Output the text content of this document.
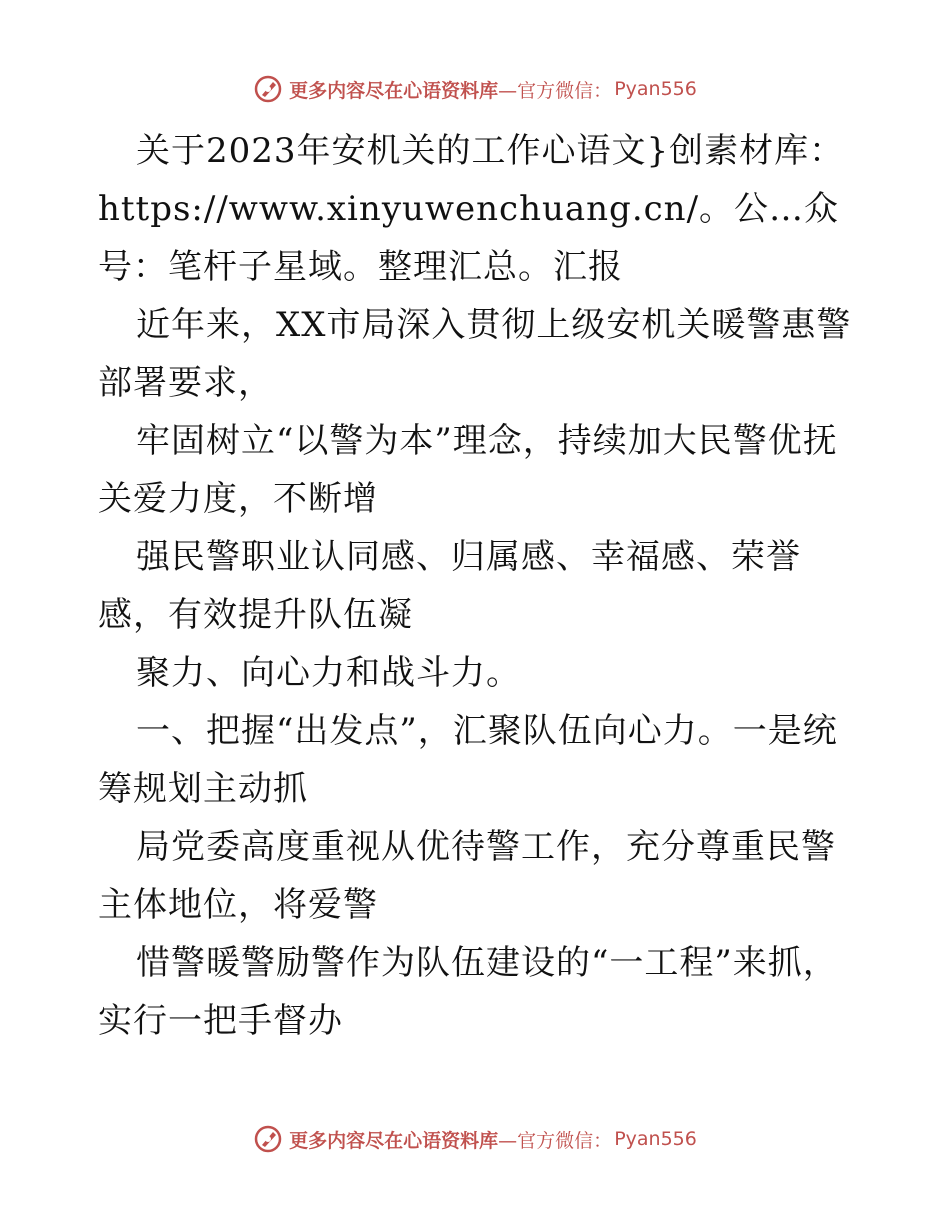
更多内容尽在心语资料库 —官方微信： Pyan556

关于2023年安机关的工作心语文}创素材库：https://www.xinyuwenchuang.cn/。公…众号：笔杆子星域。整理汇总。汇报

近年来，XX市局深入贯彻上级安机关暖警惠警部署要求，

牢固树立“以警为本”理念，持续加大民警优抚关爱力度，不断增

强民警职业认同感、归属感、幸福感、荣誉感，有效提升队伍凝

聚力、向心力和战斗力。

一、把握“出发点”，汇聚队伍向心力。一是统筹规划主动抓

局党委高度重视从优待警工作，充分尊重民警主体地位，将爱警

惜警暖警励警作为队伍建设的“一工程”来抓，实行一把手督办

更多内容尽在心语资料库 —官方微信： Pyan556
